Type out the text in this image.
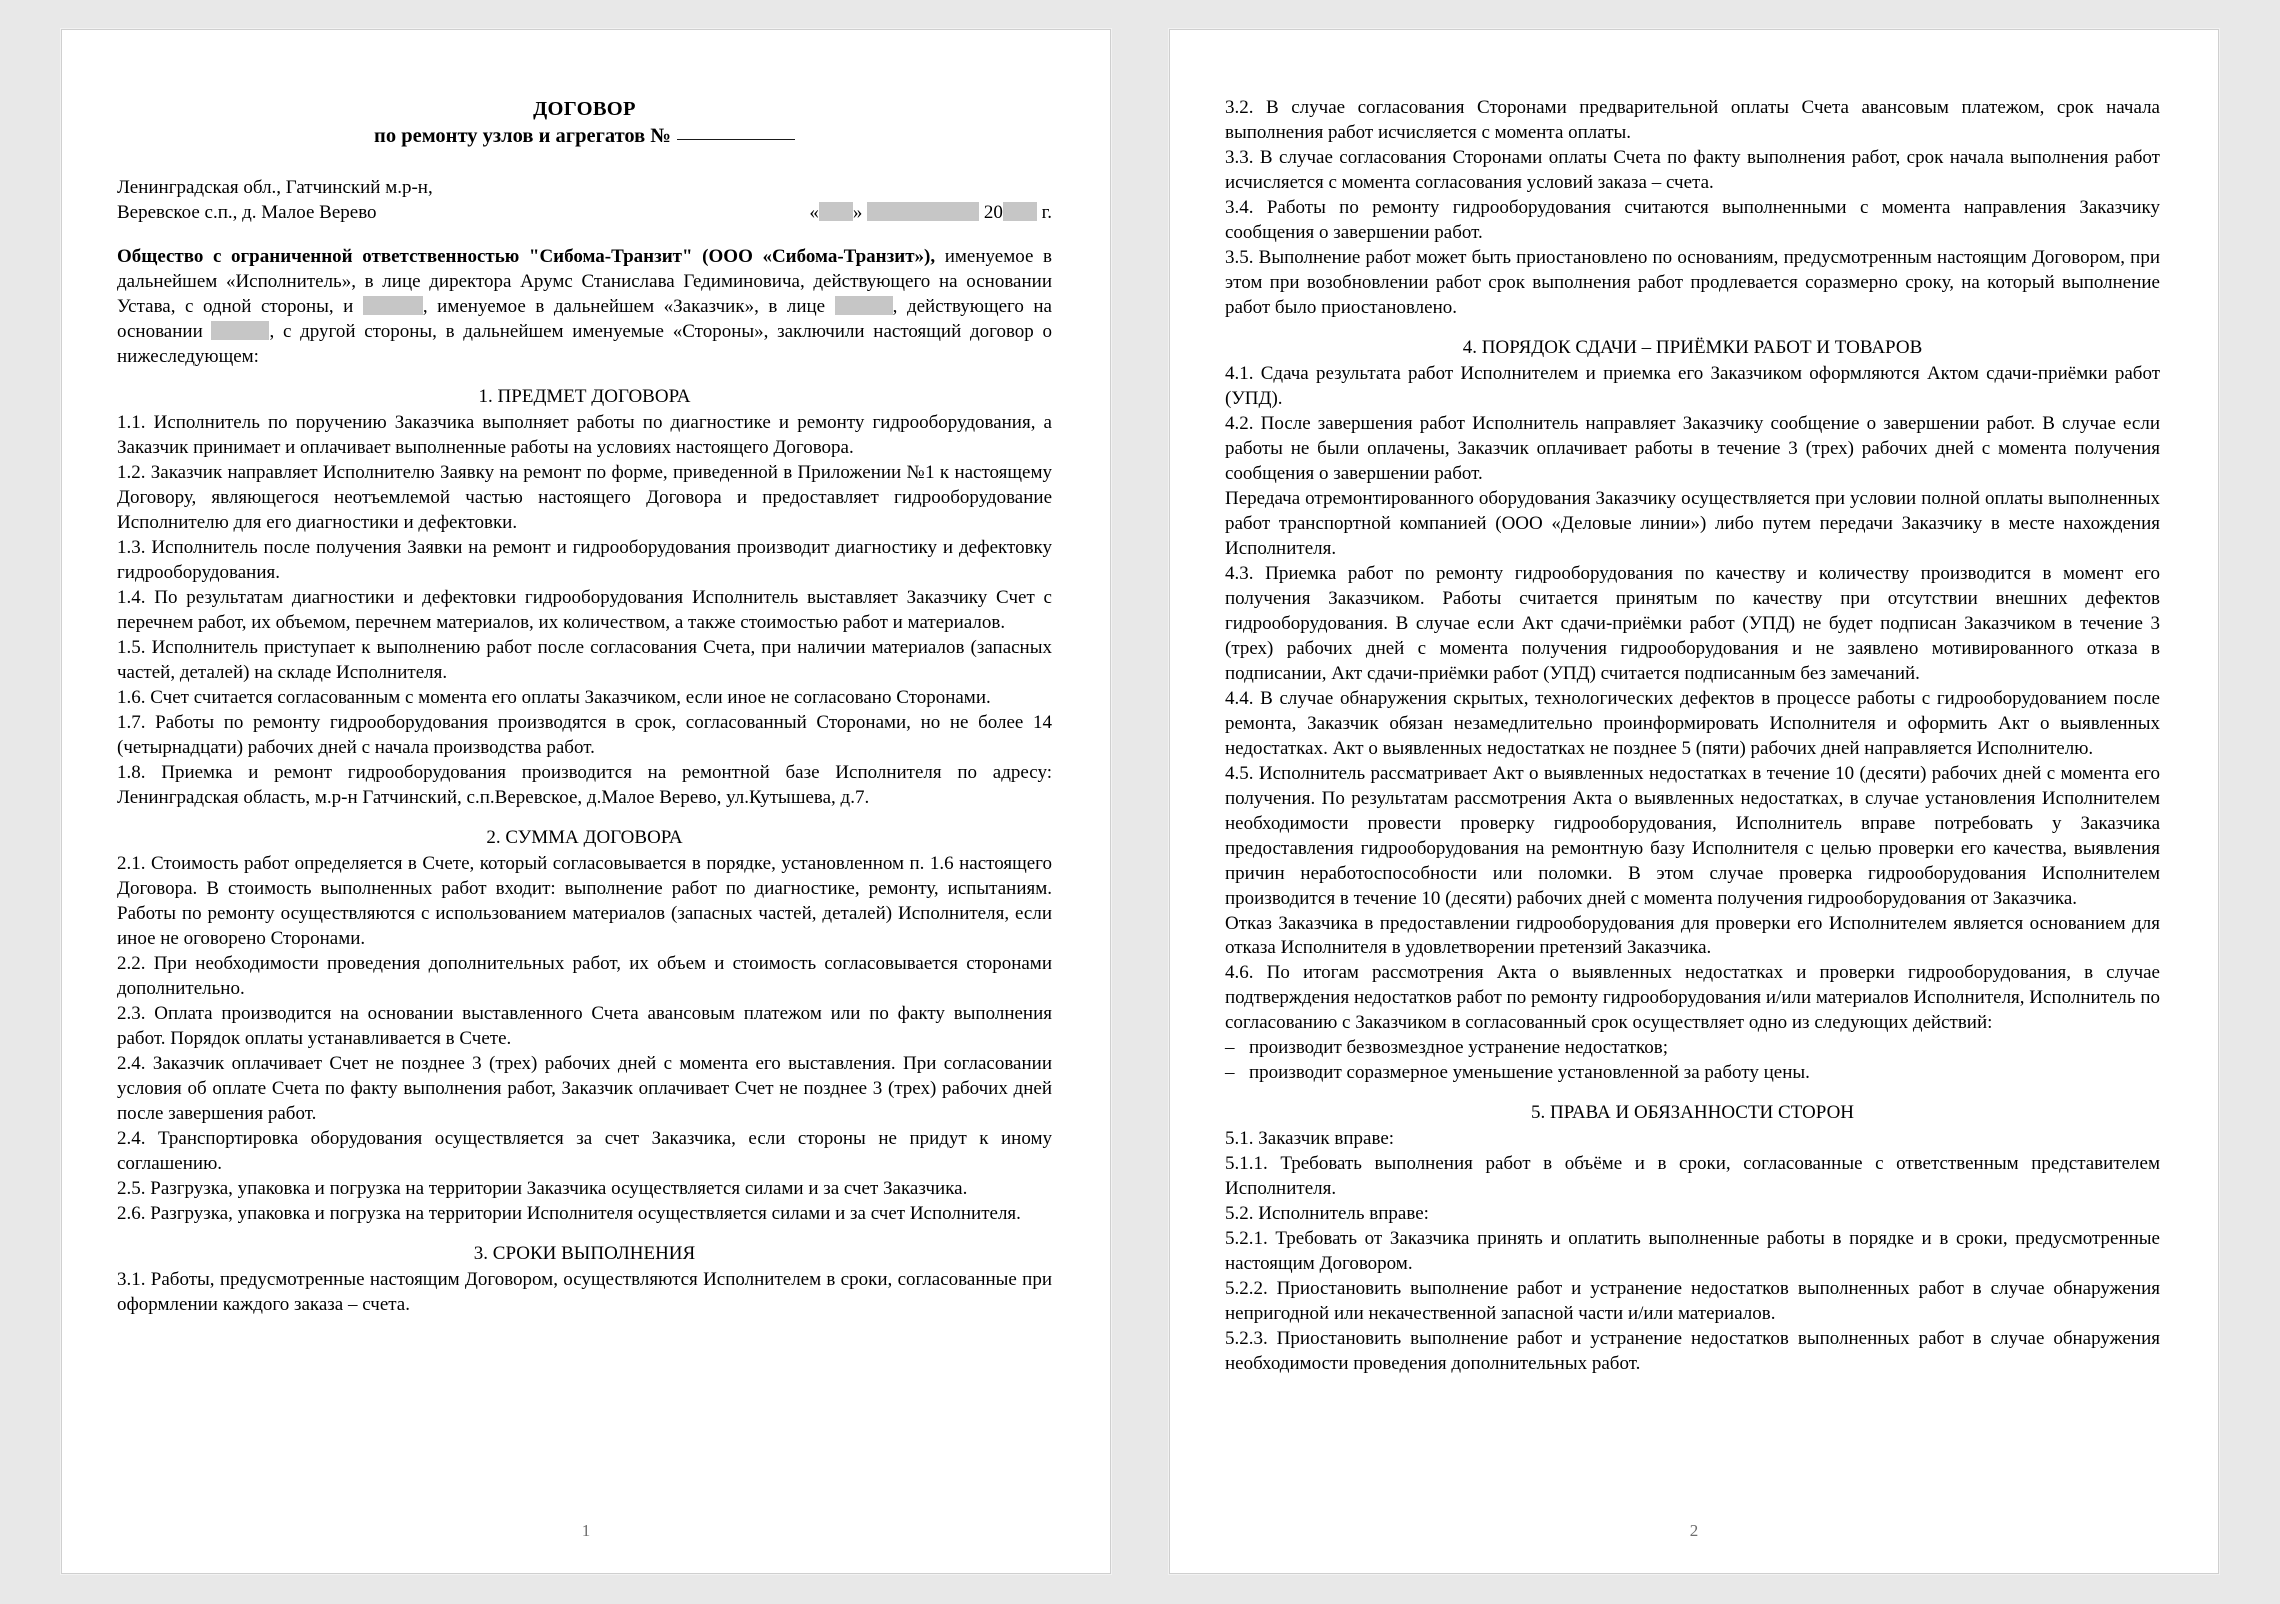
ДОГОВОР
по ремонту узлов и агрегатов №
Ленинградская обл., Гатчинский м.р-н,
Веревское с.п., д. Малое Верево	« »	20 г.

Общество с ограниченной ответственностью "Сибома-Транзит" (ООО «Сибома-Транзит»), именуемое в дальнейшем «Исполнитель», в лице директора Арумс Станислава Гедиминовича, действующего на основании Устава, с одной стороны, и	, именуемое в дальнейшем «Заказчик», в лице	, действующего на основании	, с другой стороны, в дальнейшем именуемые «Стороны», заключили настоящий договор о нижеследующем:

1. ПРЕДМЕТ ДОГОВОРА

1.1. Исполнитель по поручению Заказчика выполняет работы по диагностике и ремонту гидрооборудования, а Заказчик принимает и оплачивает выполненные работы на условиях настоящего Договора.

1.2. Заказчик направляет Исполнителю Заявку на ремонт по форме, приведенной в Приложении №1 к настоящему Договору, являющегося неотъемлемой частью настоящего Договора и предоставляет гидрооборудование Исполнителю для его диагностики и дефектовки.

1.3. Исполнитель после получения Заявки на ремонт и гидрооборудования производит диагностику и дефектовку гидрооборудования.

1.4. По результатам диагностики и дефектовки гидрооборудования Исполнитель выставляет Заказчику Счет с перечнем работ, их объемом, перечнем материалов, их количеством, а также стоимостью работ и материалов.

1.5. Исполнитель приступает к выполнению работ после согласования Счета, при наличии материалов (запасных частей, деталей) на складе Исполнителя.

1.6. Счет считается согласованным с момента его оплаты Заказчиком, если иное не согласовано Сторонами.

1.7. Работы по ремонту гидрооборудования производятся в срок, согласованный Сторонами, но не более 14 (четырнадцати) рабочих дней с начала производства работ.

1.8. Приемка и ремонт гидрооборудования производится на ремонтной базе Исполнителя по адресу: Ленинградская область, м.р-н Гатчинский, с.п.Веревское, д.Малое Верево, ул.Кутышева, д.7.

2. СУММА ДОГОВОРА

2.1. Стоимость работ определяется в Счете, который согласовывается в порядке, установленном п. 1.6 настоящего Договора. В стоимость выполненных работ входит: выполнение работ по диагностике, ремонту, испытаниям. Работы по ремонту осуществляются с использованием материалов (запасных частей, деталей) Исполнителя, если иное не оговорено Сторонами.

2.2. При необходимости проведения дополнительных работ, их объем и стоимость согласовывается сторонами дополнительно.

2.3. Оплата производится на основании выставленного Счета авансовым платежом или по факту выполнения работ. Порядок оплаты устанавливается в Счете.

2.4. Заказчик оплачивает Счет не позднее 3 (трех) рабочих дней с момента его выставления. При согласовании условия об оплате Счета по факту выполнения работ, Заказчик оплачивает Счет не позднее 3 (трех) рабочих дней после завершения работ.

2.4. Транспортировка оборудования осуществляется за счет Заказчика, если стороны не придут к иному соглашению.

2.5. Разгрузка, упаковка и погрузка на территории Заказчика осуществляется силами и за счет Заказчика.

2.6. Разгрузка, упаковка и погрузка на территории Исполнителя осуществляется силами и за счет Исполнителя.

3. СРОКИ ВЫПОЛНЕНИЯ

3.1. Работы, предусмотренные настоящим Договором, осуществляются Исполнителем в сроки, согласованные при оформлении каждого заказа – счета.

1

3.2. В случае согласования Сторонами предварительной оплаты Счета авансовым платежом, срок начала выполнения работ исчисляется с момента оплаты.

3.3. В случае согласования Сторонами оплаты Счета по факту выполнения работ, срок начала выполнения работ исчисляется с момента согласования условий заказа – счета.

3.4. Работы по ремонту гидрооборудования считаются выполненными с момента направления Заказчику сообщения о завершении работ.

3.5. Выполнение работ может быть приостановлено по основаниям, предусмотренным настоящим Договором, при этом при возобновлении работ срок выполнения работ продлевается соразмерно сроку, на который выполнение работ было приостановлено.

4. ПОРЯДОК СДАЧИ – ПРИЁМКИ РАБОТ И ТОВАРОВ

4.1. Сдача результата работ Исполнителем и приемка его Заказчиком оформляются Актом сдачи-приёмки работ (УПД).

4.2. После завершения работ Исполнитель направляет Заказчику сообщение о завершении работ. В случае если работы не были оплачены, Заказчик оплачивает работы в течение 3 (трех) рабочих дней с момента получения сообщения о завершении работ.

Передача отремонтированного оборудования Заказчику осуществляется при условии полной оплаты выполненных работ транспортной компанией (ООО «Деловые линии») либо путем передачи Заказчику в месте нахождения Исполнителя.

4.3. Приемка работ по ремонту гидрооборудования по качеству и количеству производится в момент его получения Заказчиком. Работы считается принятым по качеству при отсутствии внешних дефектов гидрооборудования. В случае если Акт сдачи-приёмки работ (УПД) не будет подписан Заказчиком в течение 3 (трех) рабочих дней с момента получения гидрооборудования и не заявлено мотивированного отказа в подписании, Акт сдачи-приёмки работ (УПД) считается подписанным без замечаний.

4.4. В случае обнаружения скрытых, технологических дефектов в процессе работы с гидрооборудованием после ремонта, Заказчик обязан незамедлительно проинформировать Исполнителя и оформить Акт о выявленных недостатках. Акт о выявленных недостатках не позднее 5 (пяти) рабочих дней направляется Исполнителю.

4.5. Исполнитель рассматривает Акт о выявленных недостатках в течение 10 (десяти) рабочих дней с момента его получения. По результатам рассмотрения Акта о выявленных недостатках, в случае установления Исполнителем необходимости провести проверку гидрооборудования, Исполнитель вправе потребовать у Заказчика предоставления гидрооборудования на ремонтную базу Исполнителя с целью проверки его качества, выявления причин неработоспособности или поломки. В этом случае проверка гидрооборудования Исполнителем производится в течение 10 (десяти) рабочих дней с момента получения гидрооборудования от Заказчика.

Отказ Заказчика в предоставлении гидрооборудования для проверки его Исполнителем является основанием для отказа Исполнителя в удовлетворении претензий Заказчика.

4.6. По итогам рассмотрения Акта о выявленных недостатках и проверки гидрооборудования, в случае подтверждения недостатков работ по ремонту гидрооборудования и/или материалов Исполнителя, Исполнитель по согласованию с Заказчиком в согласованный срок осуществляет одно из следующих действий:

– производит безвозмездное устранение недостатков;

– производит соразмерное уменьшение установленной за работу цены.

5. ПРАВА И ОБЯЗАННОСТИ СТОРОН

5.1. Заказчик вправе:

5.1.1. Требовать выполнения работ в объёме и в сроки, согласованные с ответственным представителем Исполнителя.

5.2. Исполнитель вправе:

5.2.1. Требовать от Заказчика принять и оплатить выполненные работы в порядке и в сроки, предусмотренные настоящим Договором.

5.2.2. Приостановить выполнение работ и устранение недостатков выполненных работ в случае обнаружения непригодной или некачественной запасной части и/или материалов.

5.2.3. Приостановить выполнение работ и устранение недостатков выполненных работ в случае обнаружения необходимости проведения дополнительных работ.

2
